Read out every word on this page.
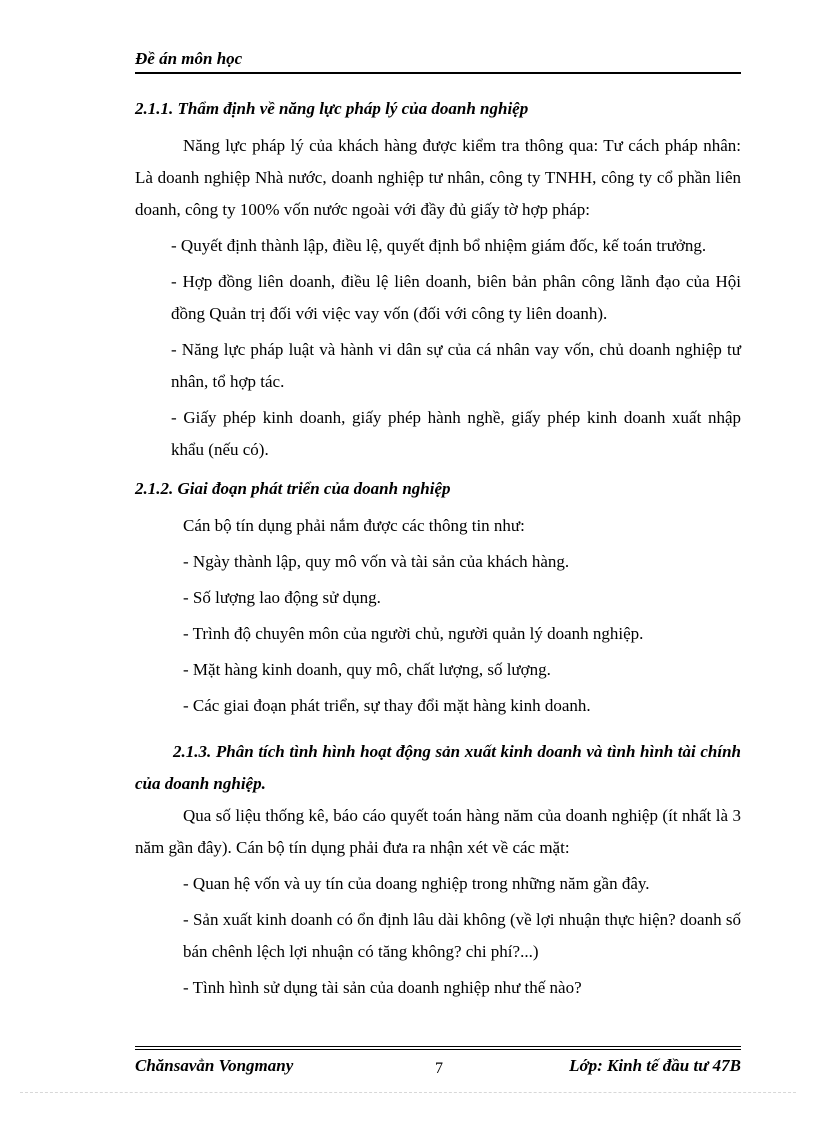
Đề án môn học

2.1.1. Thẩm định về năng lực pháp lý của doanh nghiệp

Năng lực pháp lý của khách hàng được kiểm tra thông qua: Tư cách pháp nhân: Là doanh nghiệp Nhà nước, doanh nghiệp tư nhân, công ty TNHH, công ty cổ phần liên doanh, công ty 100% vốn nước ngoài với đầy đủ giấy tờ hợp pháp:

- Quyết định thành lập, điều lệ, quyết định bổ nhiệm giám đốc, kế toán trưởng.

- Hợp đồng liên doanh, điều lệ liên doanh, biên bản phân công lãnh đạo của Hội đồng Quản trị đối với việc vay vốn (đối với công ty liên doanh).

- Năng lực pháp luật và hành vi dân sự của cá nhân vay vốn, chủ doanh nghiệp tư nhân, tổ hợp tác.

- Giấy phép kinh doanh, giấy phép hành nghề, giấy phép kinh doanh xuất nhập khẩu (nếu có).

2.1.2. Giai đoạn phát triển của doanh nghiệp

Cán bộ tín dụng phải nắm được các thông tin như:

- Ngày thành lập, quy mô vốn và tài sản của khách hàng.

- Số lượng lao động sử dụng.

- Trình độ chuyên môn của người chủ, người quản lý doanh nghiệp.

- Mặt hàng kinh doanh, quy mô, chất lượng, số lượng.

- Các giai đoạn phát triển, sự thay đổi mặt hàng kinh doanh.

2.1.3. Phân tích tình hình hoạt động sản xuất kinh doanh và tình hình tài chính của doanh nghiệp.

Qua số liệu thống kê, báo cáo quyết toán hàng năm của doanh nghiệp (ít nhất là 3 năm gần đây). Cán bộ tín dụng phải đưa ra nhận xét về các mặt:

- Quan hệ vốn và uy tín của doang nghiệp trong những năm gần đây.

- Sản xuất kinh doanh có ổn định lâu dài không (về lợi nhuận thực hiện? doanh số bán chênh lệch lợi nhuận có tăng không? chi phí?...)

- Tình hình sử dụng tài sản của doanh nghiệp như thế nào?

Chănsavẳn Vongmany	7	Lớp: Kinh tế đầu tư 47B
